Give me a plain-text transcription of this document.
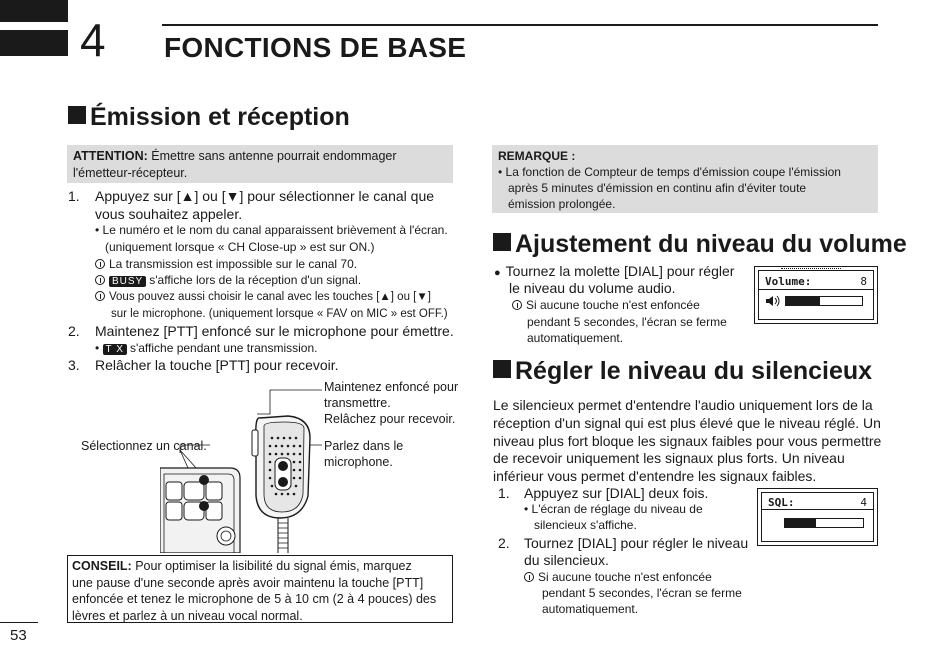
4 FONCTIONS DE BASE
Émission et réception
ATTENTION: Émettre sans antenne pourrait endommager
l'émetteur-récepteur.
1. Appuyez sur [▲] ou [▼] pour sélectionner le canal que
vous souhaitez appeler.
• Le numéro et le nom du canal apparaissent brièvement à l'écran.
(uniquement lorsque « CH Close-up » est sur ON.)
La transmission est impossible sur le canal 70.
BUSY s'affiche lors de la réception d'un signal.
Vous pouvez aussi choisir le canal avec les touches [▲] ou [▼]
sur le microphone. (uniquement lorsque « FAV on MIC » est OFF.)
2. Maintenez [PTT] enfoncé sur le microphone pour émettre.
• T X s'affiche pendant une transmission.
3. Relâcher la touche [PTT] pour recevoir.
Maintenez enfoncé pour
transmettre.
Relâchez pour recevoir.
Sélectionnez un canal.	Parlez dans le
microphone.
CONSEIL: Pour optimiser la lisibilité du signal émis, marquez
une pause d'une seconde après avoir maintenu la touche [PTT]
enfoncée et tenez le microphone de 5 à 10 cm (2 à 4 pouces) des
lèvres et parlez à un niveau vocal normal.
REMARQUE :
• La fonction de Compteur de temps d'émission coupe l'émission
après 5 minutes d'émission en continu afin d'éviter toute
émission prolongée.
Ajustement du niveau du volume
● Tournez la molette [DIAL] pour régler
le niveau du volume audio.
Si aucune touche n'est enfoncée
pendant 5 secondes, l'écran se ferme
automatiquement.
Volume:	8
Régler le niveau du silencieux
Le silencieux permet d'entendre l'audio uniquement lors de la
réception d'un signal qui est plus élevé que le niveau réglé. Un
niveau plus fort bloque les signaux faibles pour vous permettre
de recevoir uniquement les signaux plus forts. Un niveau
inférieur vous permet d'entendre les signaux faibles.
1. Appuyez sur [DIAL] deux fois.
• L'écran de réglage du niveau de
silencieux s'affiche.
2. Tournez [DIAL] pour régler le niveau
du silencieux.
Si aucune touche n'est enfoncée
pendant 5 secondes, l'écran se ferme
automatiquement.
SQL:	4
53
